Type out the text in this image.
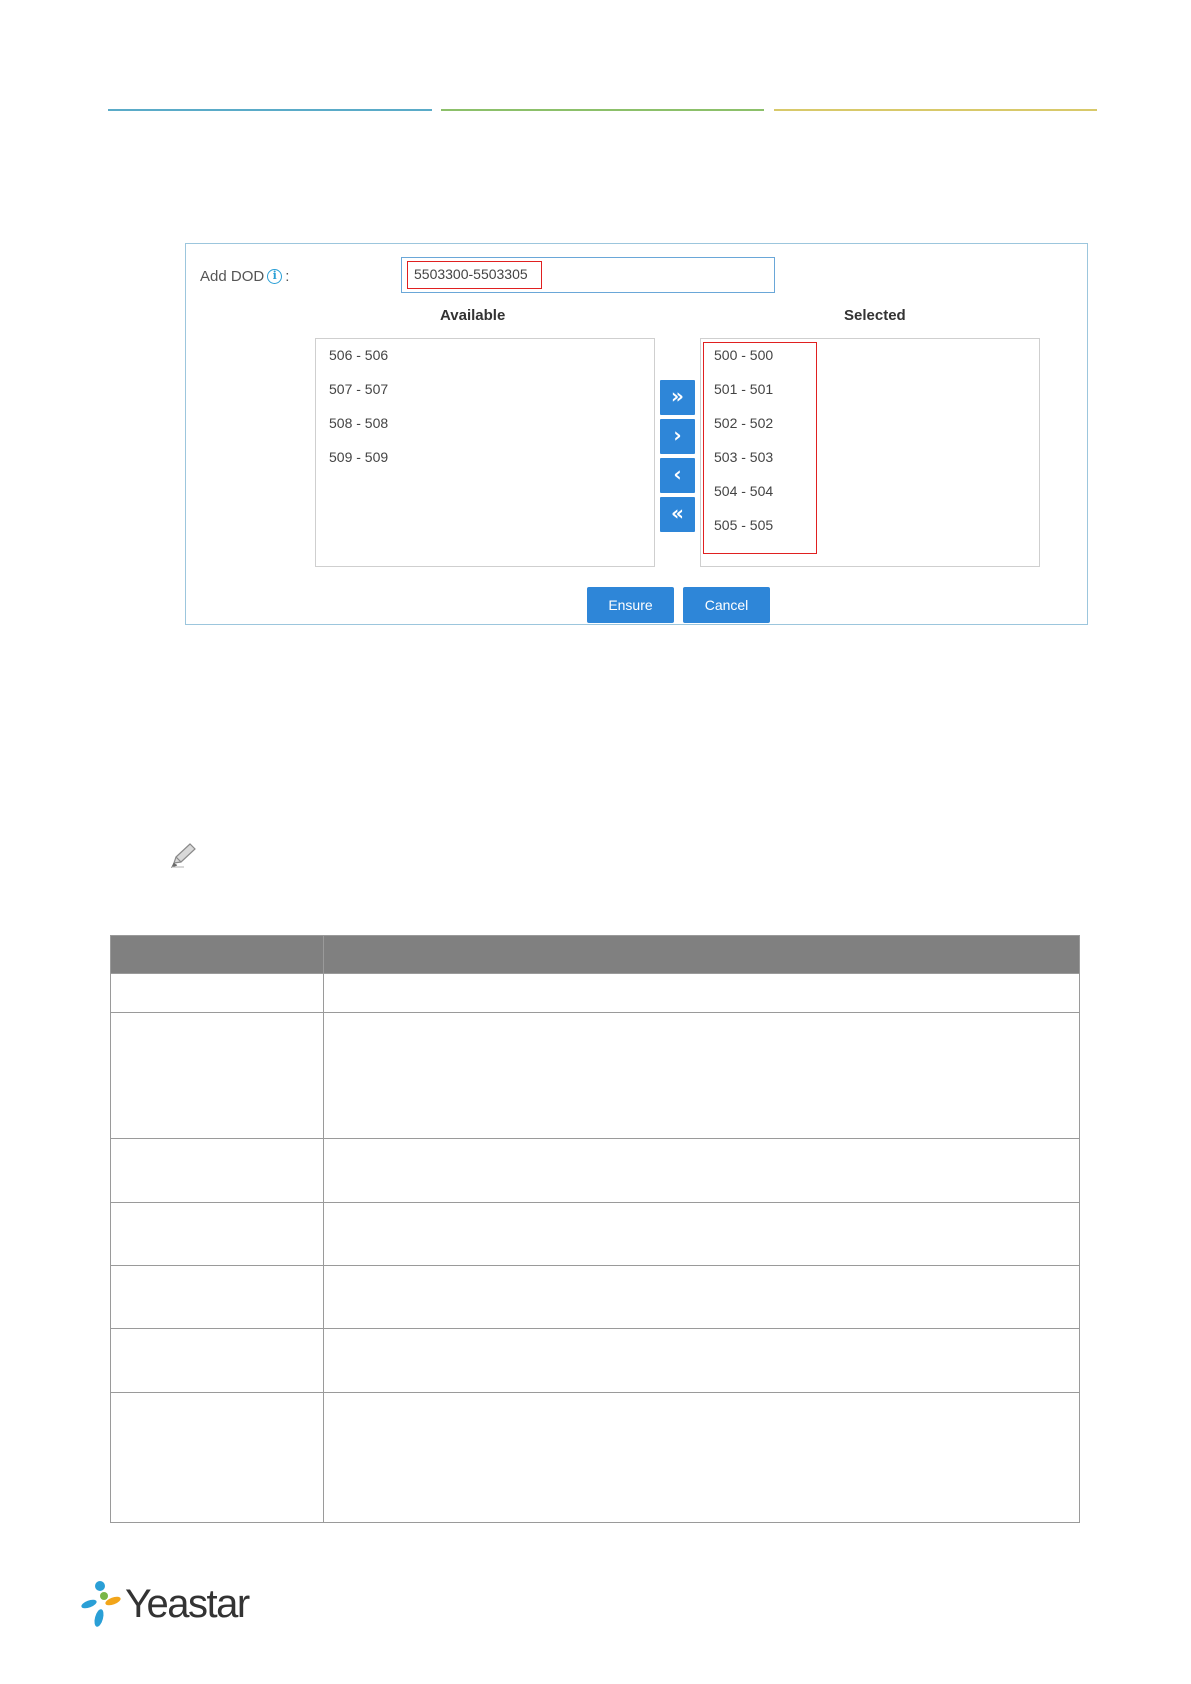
Add DOD i :	5503300-5503305
Available	Selected
506 - 506
507 - 507
508 - 508
509 - 509
»
›
‹
«
500 - 500
501 - 501
502 - 502
503 - 503
504 - 504
505 - 505
Ensure	Cancel
Yeastar
